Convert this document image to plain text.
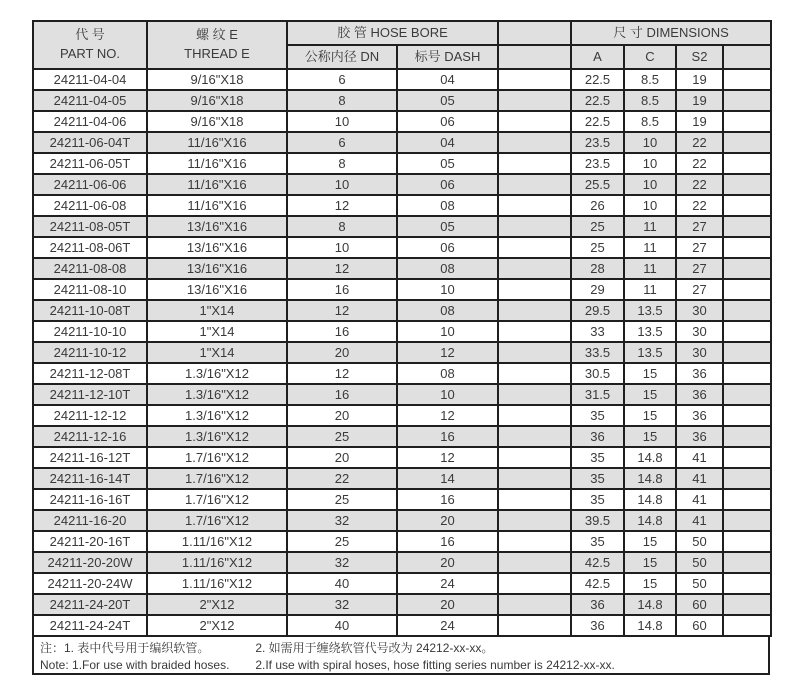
代 号
PART NO.

螺 纹 E
THREAD E
	胶 管 HOSE BORE		尺 寸 DIMENSIONS
		公称内径 DN	标号 DASH		A	C	S2	
24211-04-04	9/16"X18	6	04		22.5	8.5	19	
24211-04-05	9/16"X18	8	05		22.5	8.5	19	
24211-04-06	9/16"X18	10	06		22.5	8.5	19	
24211-06-04T	11/16"X16	6	04		23.5	10	22	
24211-06-05T	11/16"X16	8	05		23.5	10	22	
24211-06-06	11/16"X16	10	06		25.5	10	22	
24211-06-08	11/16"X16	12	08		26	10	22	
24211-08-05T	13/16"X16	8	05		25	11	27	
24211-08-06T	13/16"X16	10	06		25	11	27	
24211-08-08	13/16"X16	12	08		28	11	27	
24211-08-10	13/16"X16	16	10		29	11	27	
24211-10-08T	1"X14	12	08		29.5	13.5	30	
24211-10-10	1"X14	16	10		33	13.5	30	
24211-10-12	1"X14	20	12		33.5	13.5	30	
24211-12-08T	1.3/16"X12	12	08		30.5	15	36	
24211-12-10T	1.3/16"X12	16	10		31.5	15	36	
24211-12-12	1.3/16"X12	20	12		35	15	36	
24211-12-16	1.3/16"X12	25	16		36	15	36	
24211-16-12T	1.7/16"X12	20	12		35	14.8	41	
24211-16-14T	1.7/16"X12	22	14		35	14.8	41	
24211-16-16T	1.7/16"X12	25	16		35	14.8	41	
24211-16-20	1.7/16"X12	32	20		39.5	14.8	41	
24211-20-16T	1.11/16"X12	25	16		35	15	50	
24211-20-20W	1.11/16"X12	32	20		42.5	15	50	
24211-20-24W	1.11/16"X12	40	24		42.5	15	50	
24211-24-20T	2"X12	32	20		36	14.8	60	
24211-24-24T	2"X12	40	24		36	14.8	60	
注：1. 表中代号用于编织软管。	2. 如需用于缠绕软管代号改为 24212-xx-xx。
Note: 1.For use with braided hoses. 2.If use with spiral hoses, hose fitting series number is 24212-xx-xx.
